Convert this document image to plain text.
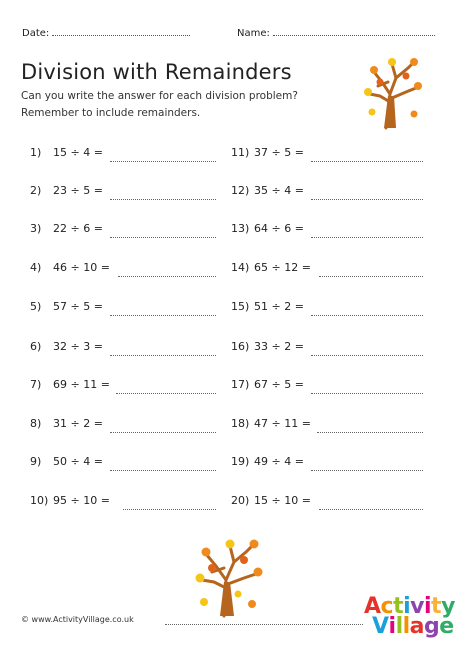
Date:	Name:
Division with Remainders
Can you write the answer for each division problem?
Remember to include remainders.
1) 15 ÷ 4 =
2) 23 ÷ 5 =
3) 22 ÷ 6 =
4) 46 ÷ 10 =
5) 57 ÷ 5 =
6) 32 ÷ 3 =
7) 69 ÷ 11 =
8) 31 ÷ 2 =
9) 50 ÷ 4 =
10) 95 ÷ 10 =
11) 37 ÷ 5 =
12) 35 ÷ 4 =
13) 64 ÷ 6 =
14) 65 ÷ 12 =
15) 51 ÷ 2 =
16) 33 ÷ 2 =
17) 67 ÷ 5 =
18) 47 ÷ 11 =
19) 49 ÷ 4 =
20) 15 ÷ 10 =
© www.ActivityVillage.co.uk
Activity
Village
